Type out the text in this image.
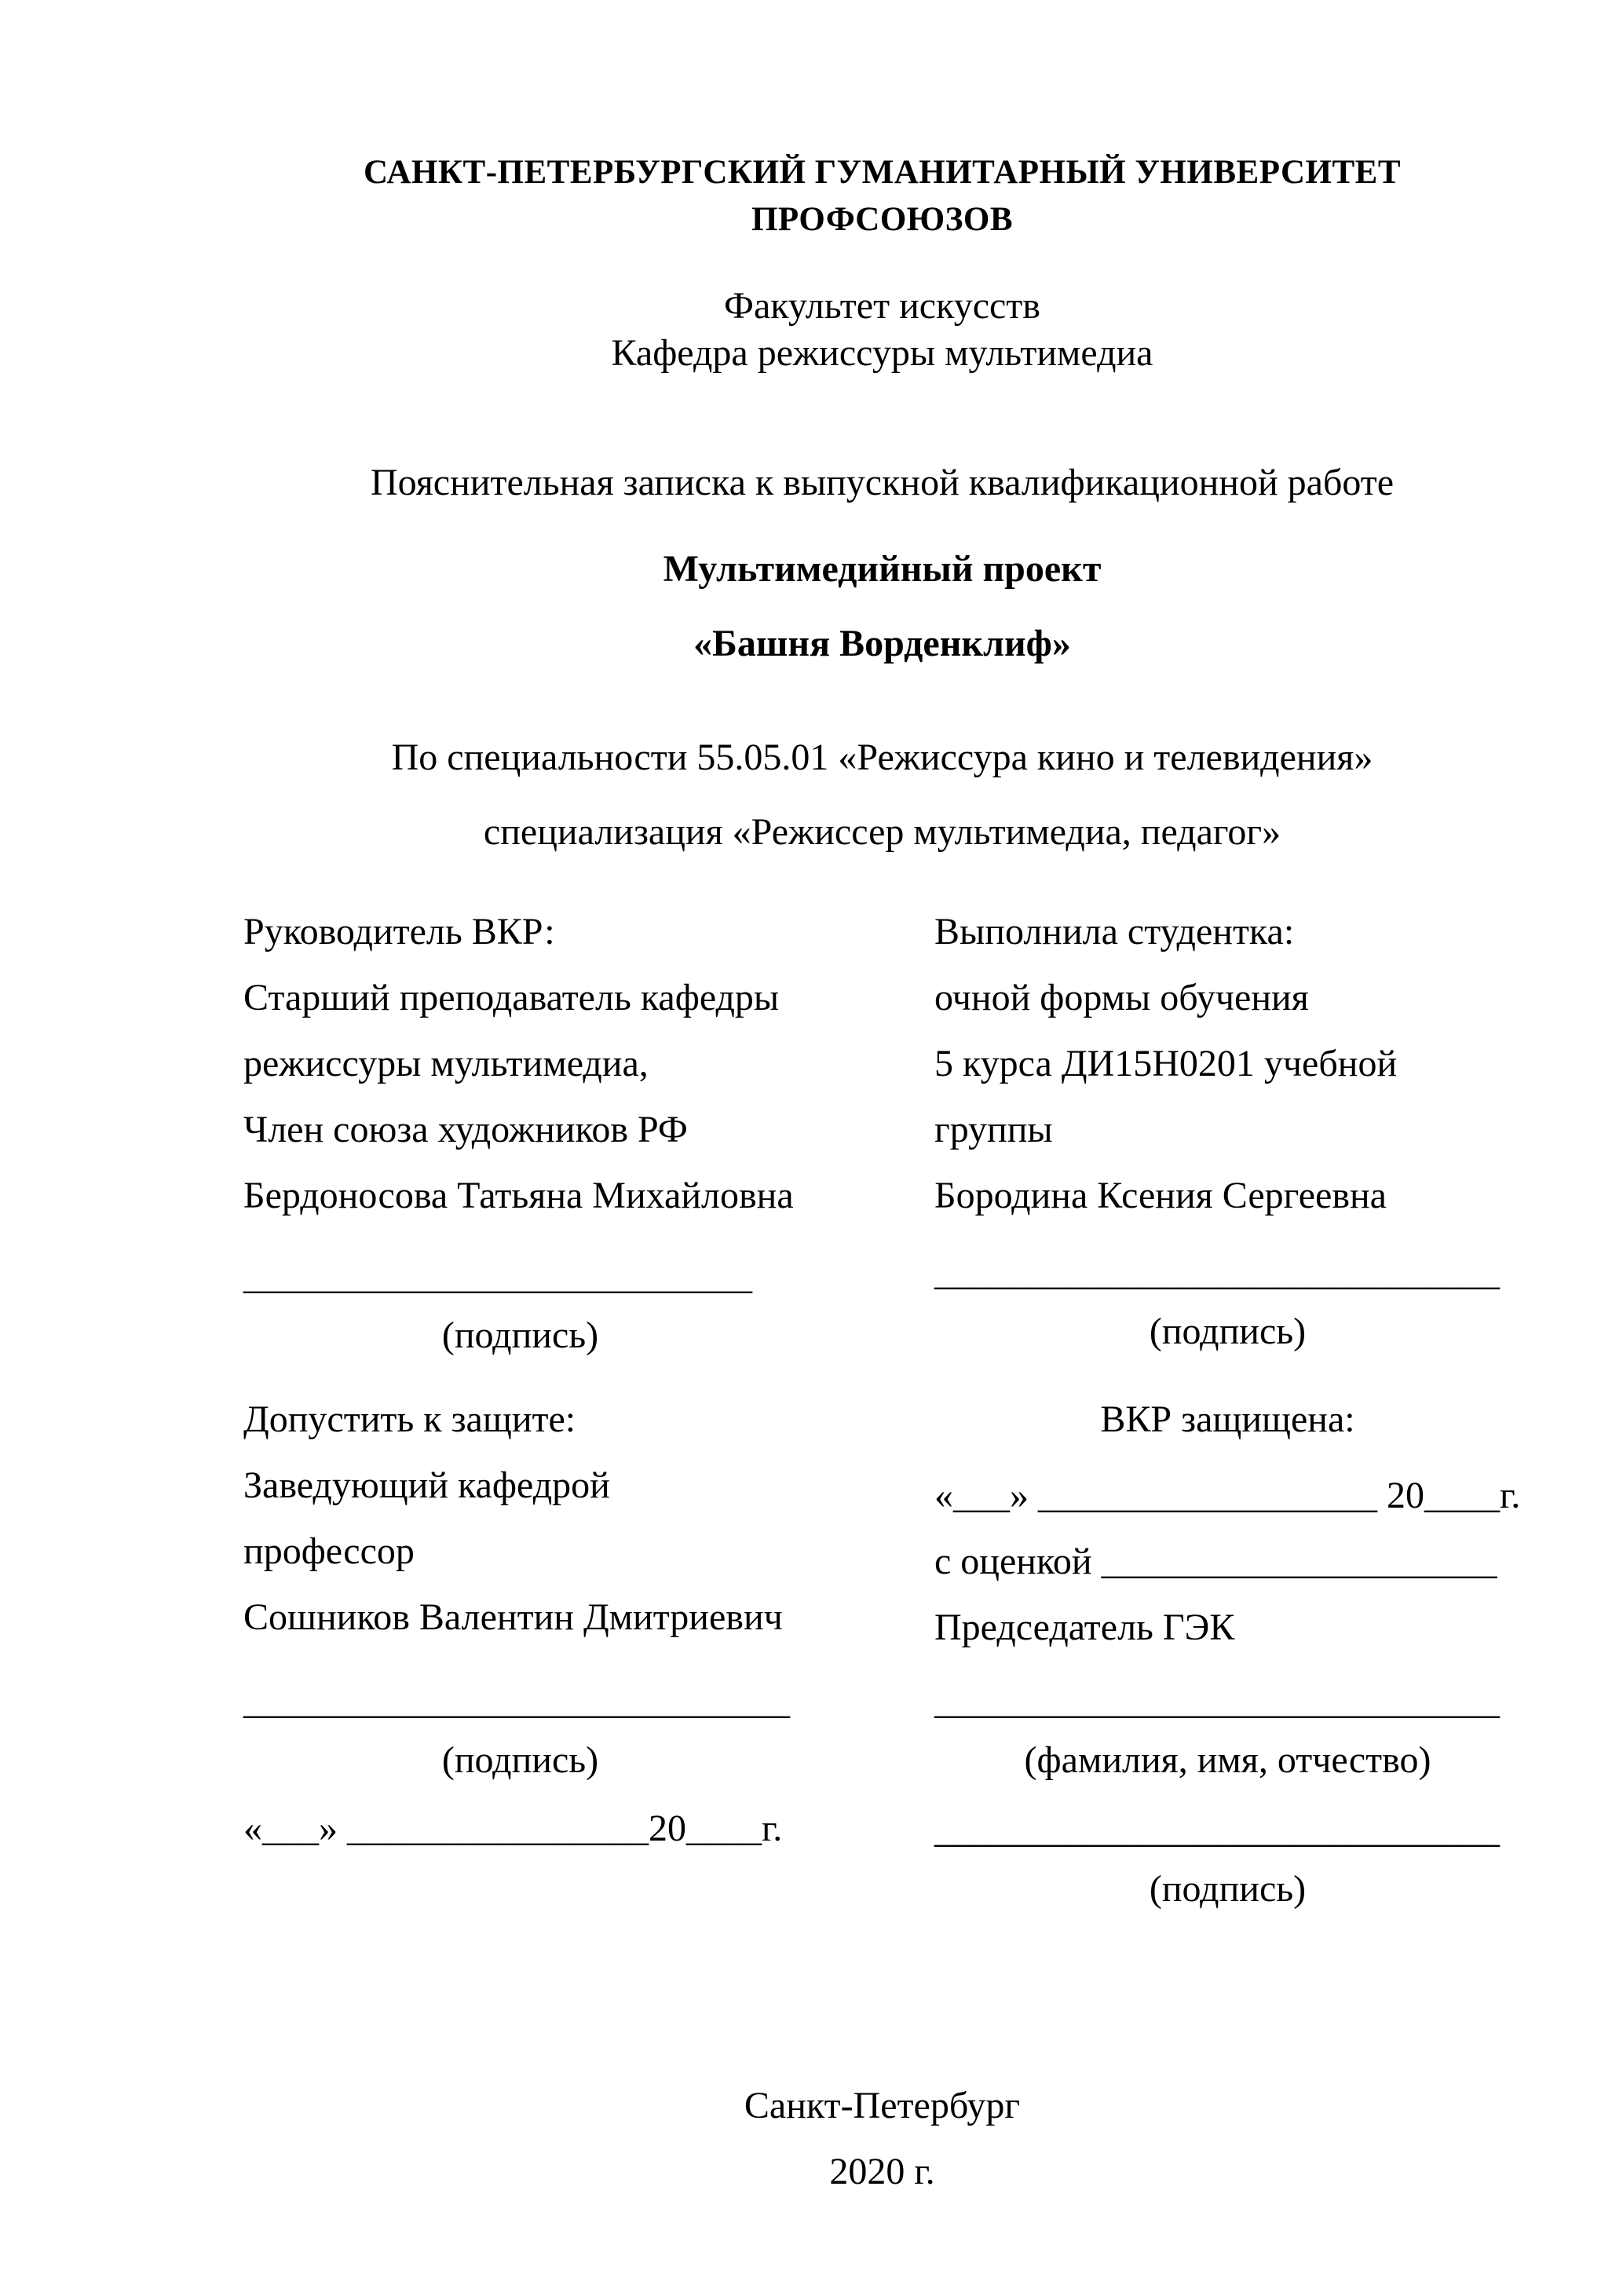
САНКТ-ПЕТЕРБУРГСКИЙ ГУМАНИТАРНЫЙ УНИВЕРСИТЕТ ПРОФСОЮЗОВ
Факультет искусств
Кафедра режиссуры мультимедиа
Пояснительная записка к выпускной квалификационной работе
Мультимедийный проект
«Башня Ворденклиф»
По специальности 55.05.01 «Режиссура кино и телевидения»
специализация «Режиссер мультимедиа, педагог»
Руководитель ВКР:
Старший преподаватель кафедры
режиссуры мультимедиа,
Член союза художников РФ
Бердоносова Татьяна Михайловна
___________________________
(подпись)
Выполнила студентка:
очной формы обучения
5 курса ДИ15Н0201 учебной группы
Бородина Ксения Сергеевна
______________________________
(подпись)
Допустить к защите:
Заведующий кафедрой
профессор
Сошников Валентин Дмитриевич
_____________________________
(подпись)
«___» ________________20____г.
ВКР защищена:
«___» __________________ 20____г.
с оценкой _____________________
Председатель ГЭК
______________________________
(фамилия, имя, отчество)
______________________________
(подпись)
Санкт-Петербург
2020 г.
